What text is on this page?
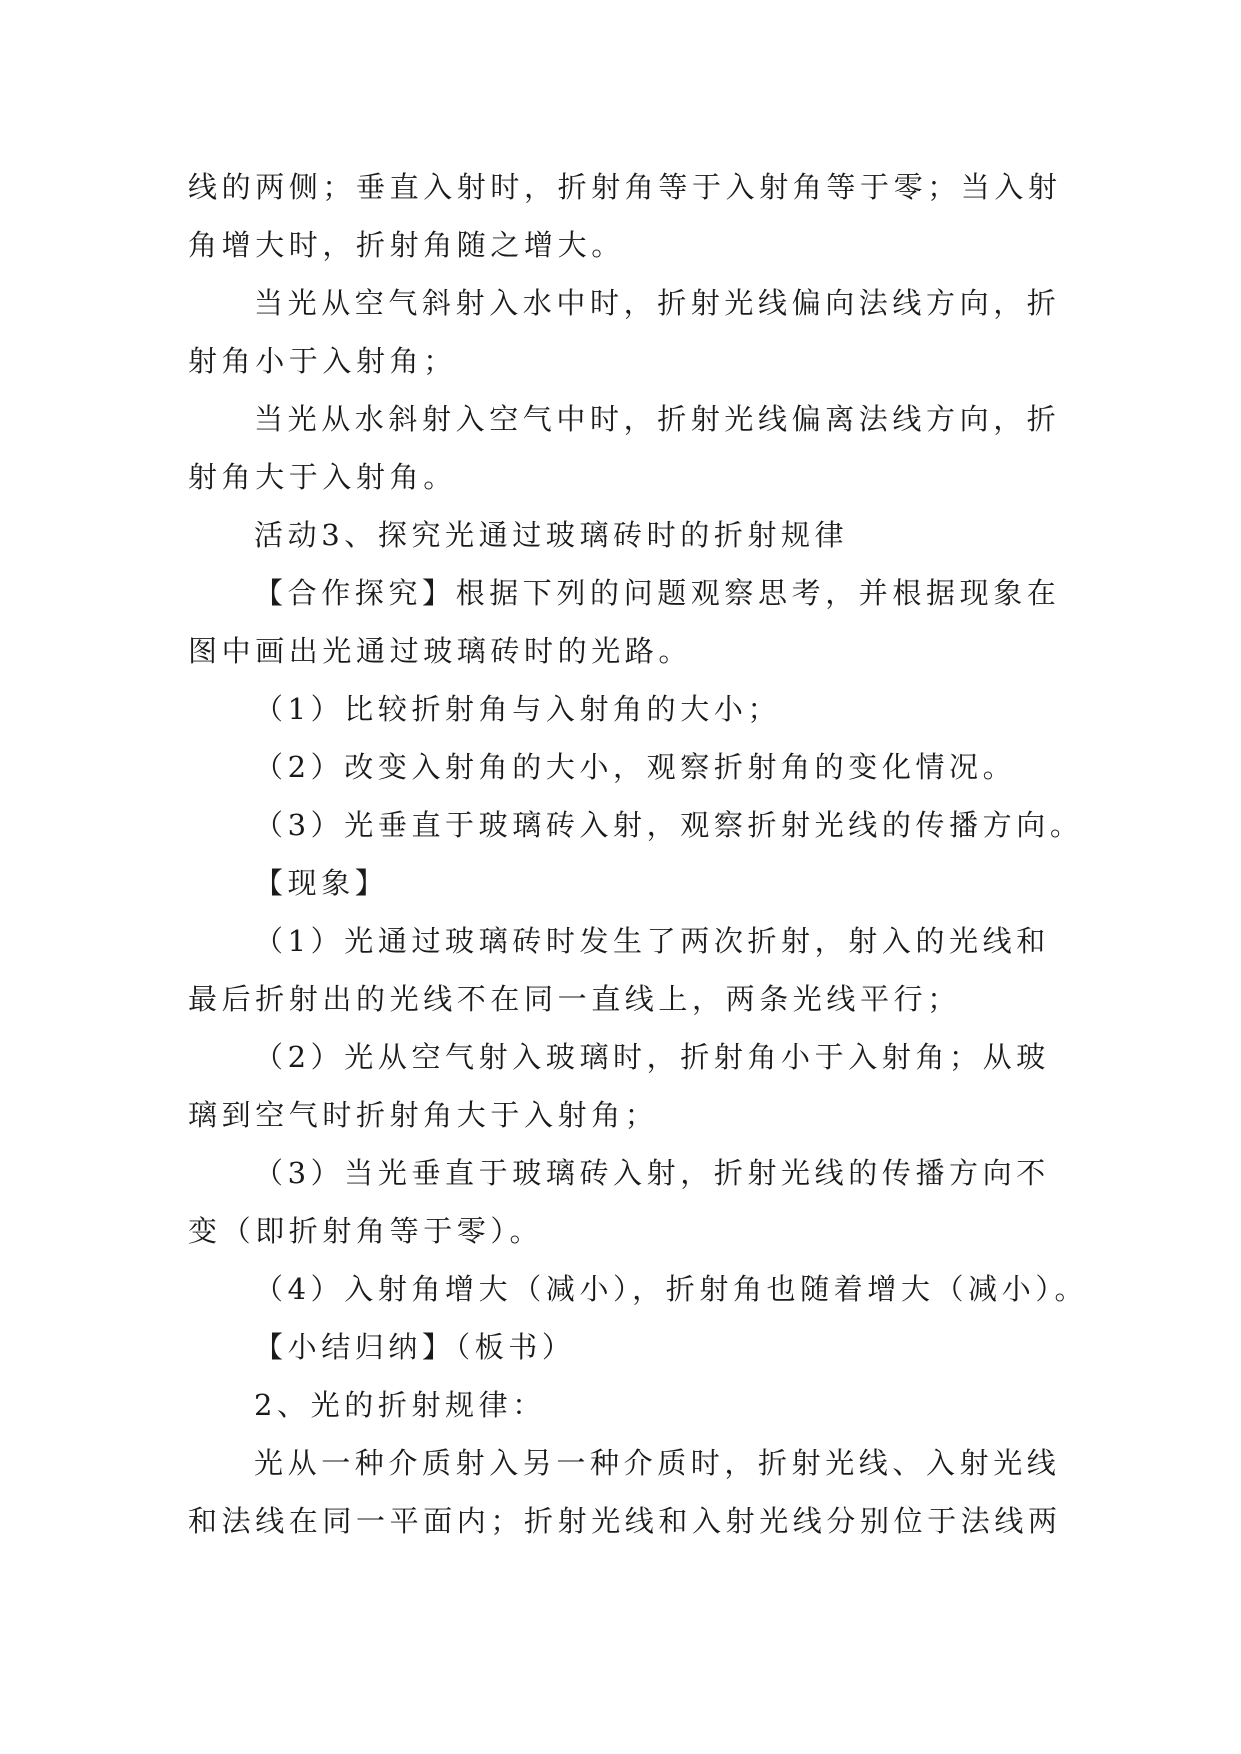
线的两侧；垂直入射时，折射角等于入射角等于零；当入射
角增大时，折射角随之增大。
当光从空气斜射入水中时，折射光线偏向法线方向，折
射角小于入射角；
当光从水斜射入空气中时，折射光线偏离法线方向，折
射角大于入射角。
活动3、探究光通过玻璃砖时的折射规律
【合作探究】根据下列的问题观察思考，并根据现象在
图中画出光通过玻璃砖时的光路。
（1）比较折射角与入射角的大小；
（2）改变入射角的大小，观察折射角的变化情况。
（3）光垂直于玻璃砖入射，观察折射光线的传播方向。
【现象】
（1）光通过玻璃砖时发生了两次折射，射入的光线和
最后折射出的光线不在同一直线上，两条光线平行；
（2）光从空气射入玻璃时，折射角小于入射角；从玻
璃到空气时折射角大于入射角；
（3）当光垂直于玻璃砖入射，折射光线的传播方向不
变（即折射角等于零）。
（4）入射角增大（减小），折射角也随着增大（减小）。
【小结归纳】（板书）
2、光的折射规律：
光从一种介质射入另一种介质时，折射光线、入射光线
和法线在同一平面内；折射光线和入射光线分别位于法线两
